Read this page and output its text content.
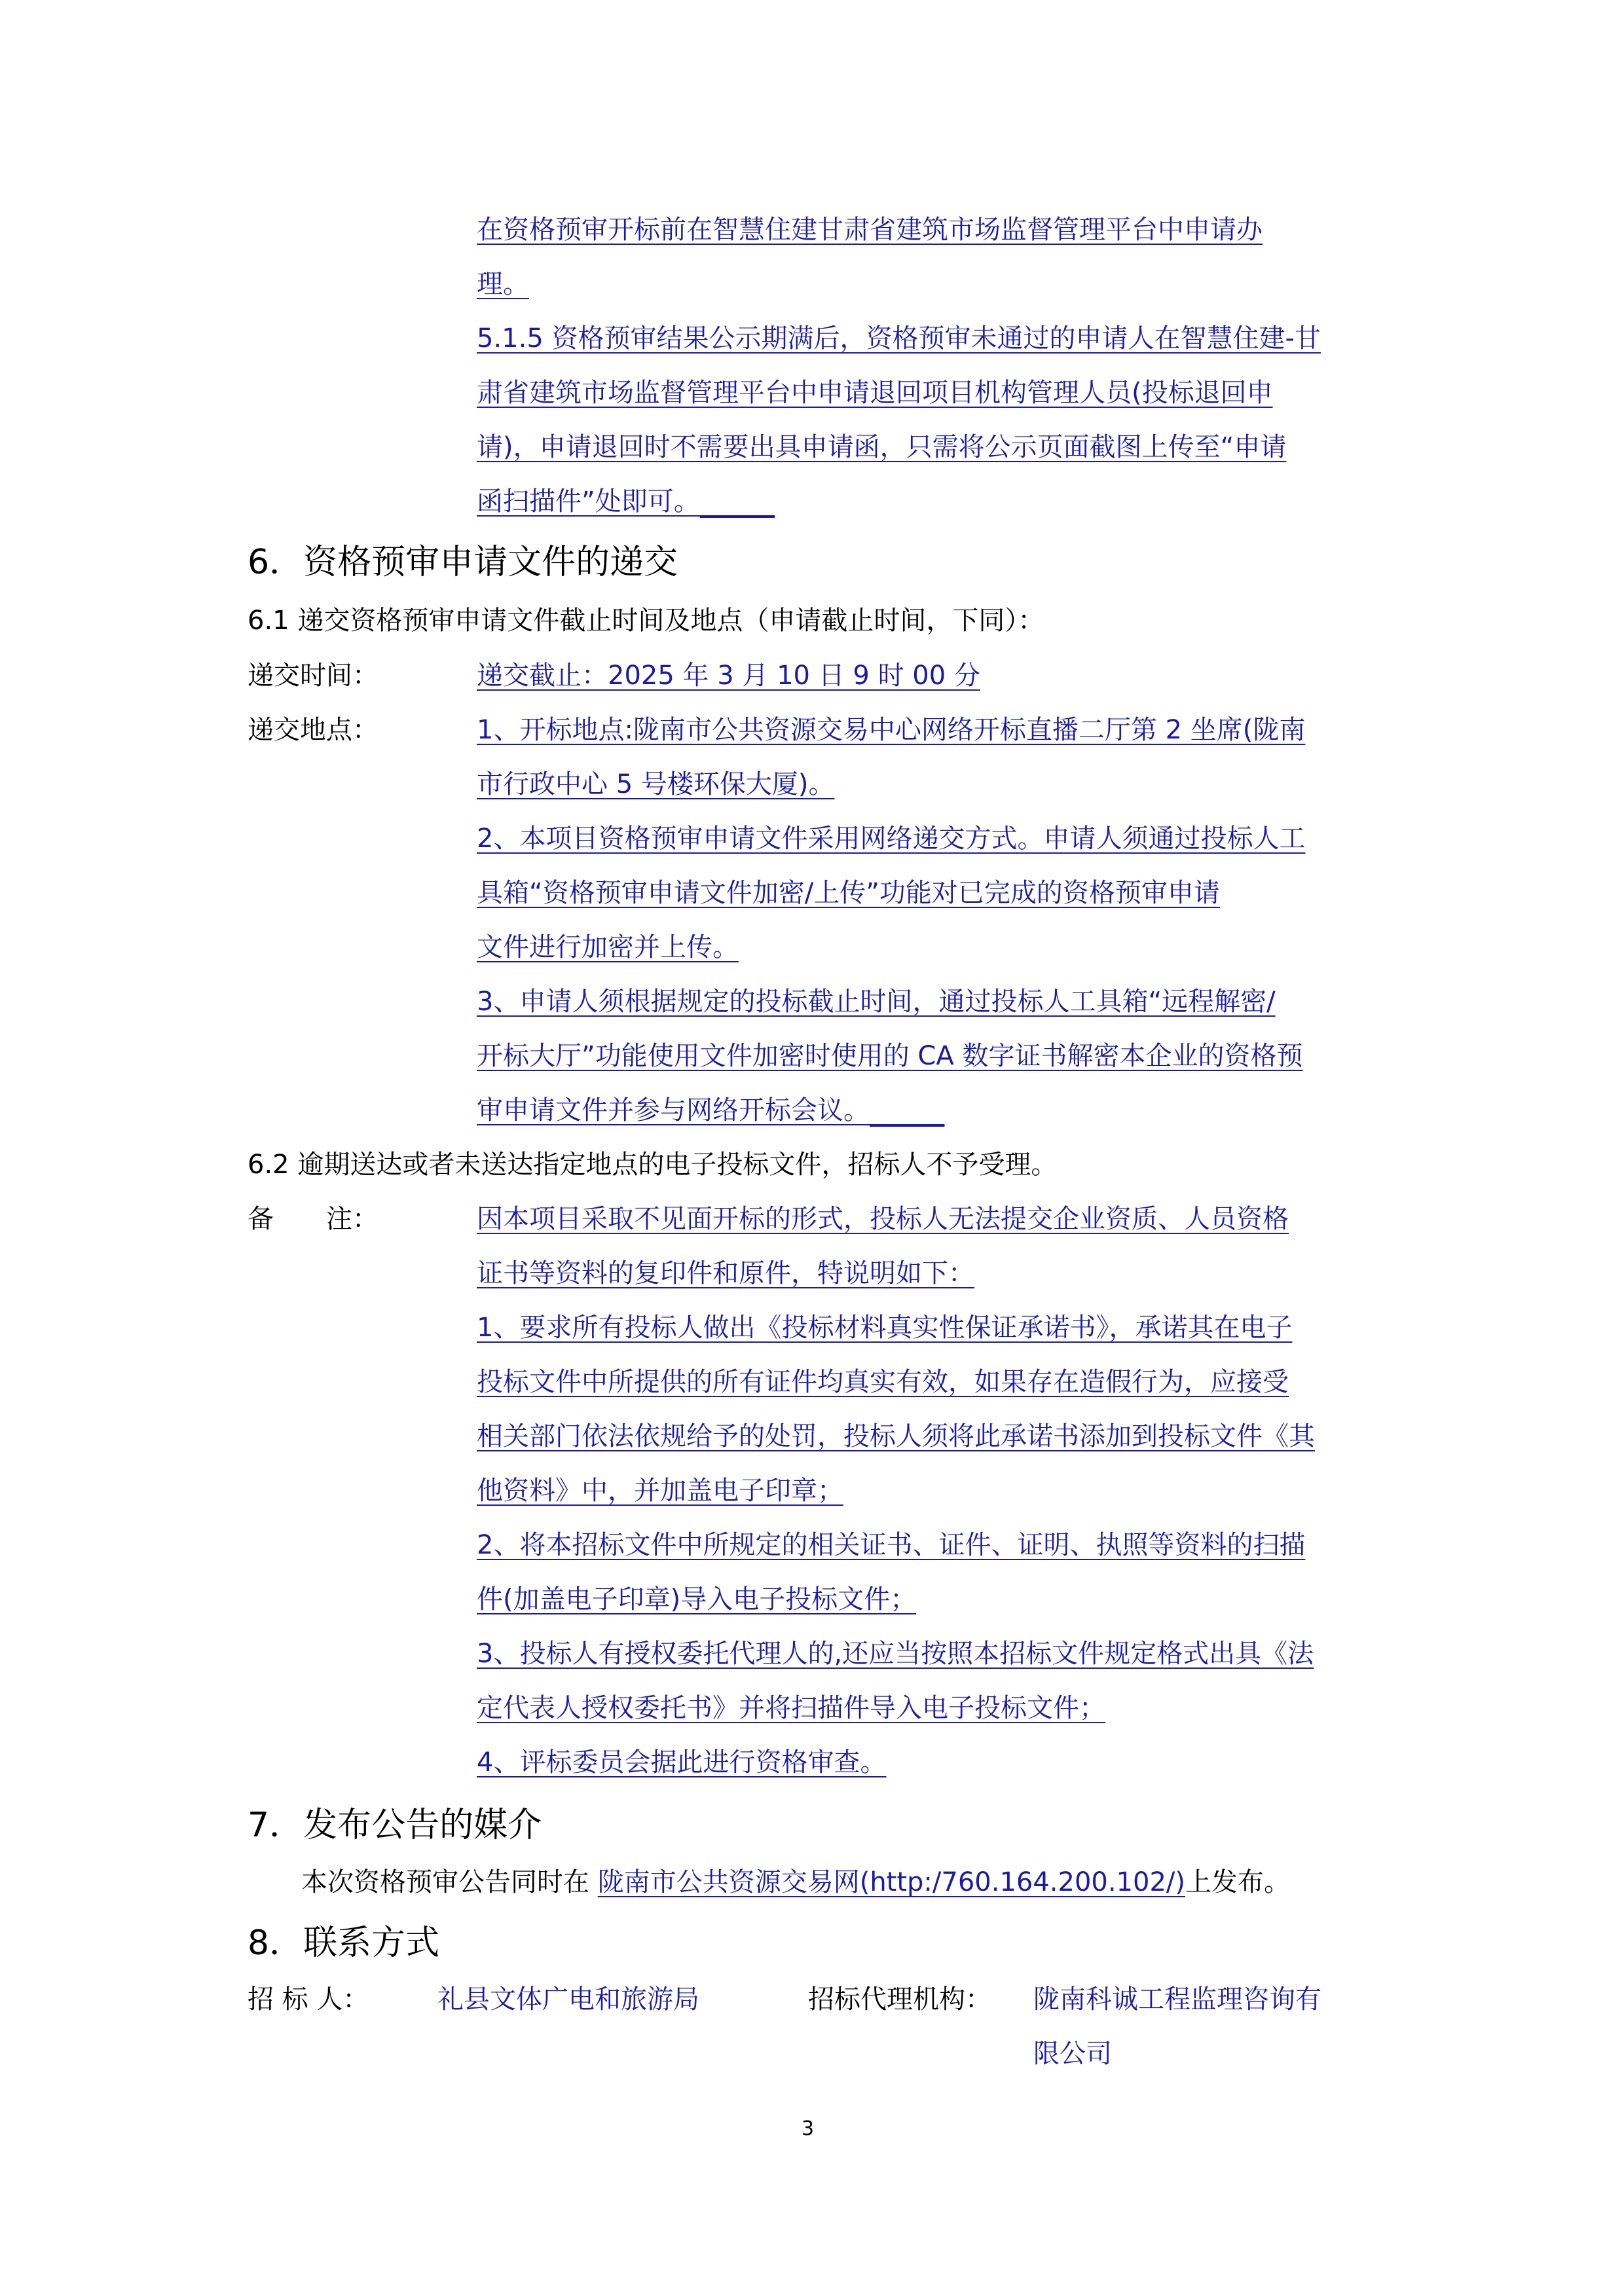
在资格预审开标前在智慧住建甘肃省建筑市场监督管理平台中申请办
理。
5.1.5 资格预审结果公示期满后，资格预审未通过的申请人在智慧住建-甘
肃省建筑市场监督管理平台中申请退回项目机构管理人员(投标退回申
请)，申请退回时不需要出具申请函，只需将公示页面截图上传至“申请
函扫描件”处即可。
6．资格预审申请文件的递交
6.1 递交资格预审申请文件截止时间及地点（申请截止时间，下同）：
递交时间：	递交截止：2025 年 3 月 10 日 9 时 00 分
递交地点：	1、开标地点:陇南市公共资源交易中心网络开标直播二厅第 2 坐席(陇南
市行政中心 5 号楼环保大厦)。
2、本项目资格预审申请文件采用网络递交方式。申请人须通过投标人工
具箱“资格预审申请文件加密/上传”功能对已完成的资格预审申请
文件进行加密并上传。
3、申请人须根据规定的投标截止时间，通过投标人工具箱“远程解密/
开标大厅”功能使用文件加密时使用的 CA 数字证书解密本企业的资格预
审申请文件并参与网络开标会议。
6.2 逾期送达或者未送达指定地点的电子投标文件，招标人不予受理。
备　　注：	因本项目采取不见面开标的形式，投标人无法提交企业资质、人员资格
证书等资料的复印件和原件，特说明如下：
1、要求所有投标人做出《投标材料真实性保证承诺书》，承诺其在电子
投标文件中所提供的所有证件均真实有效，如果存在造假行为，应接受
相关部门依法依规给予的处罚，投标人须将此承诺书添加到投标文件《其
他资料》中，并加盖电子印章；
2、将本招标文件中所规定的相关证书、证件、证明、执照等资料的扫描
件(加盖电子印章)导入电子投标文件；
3、投标人有授权委托代理人的,还应当按照本招标文件规定格式出具《法
定代表人授权委托书》并将扫描件导入电子投标文件；
4、评标委员会据此进行资格审查。
7．发布公告的媒介
本次资格预审公告同时在 陇南市公共资源交易网(http:/760.164.200.102/)上发布。
8．联系方式
招 标 人：	礼县文体广电和旅游局	招标代理机构： 陇南科诚工程监理咨询有
限公司
3
